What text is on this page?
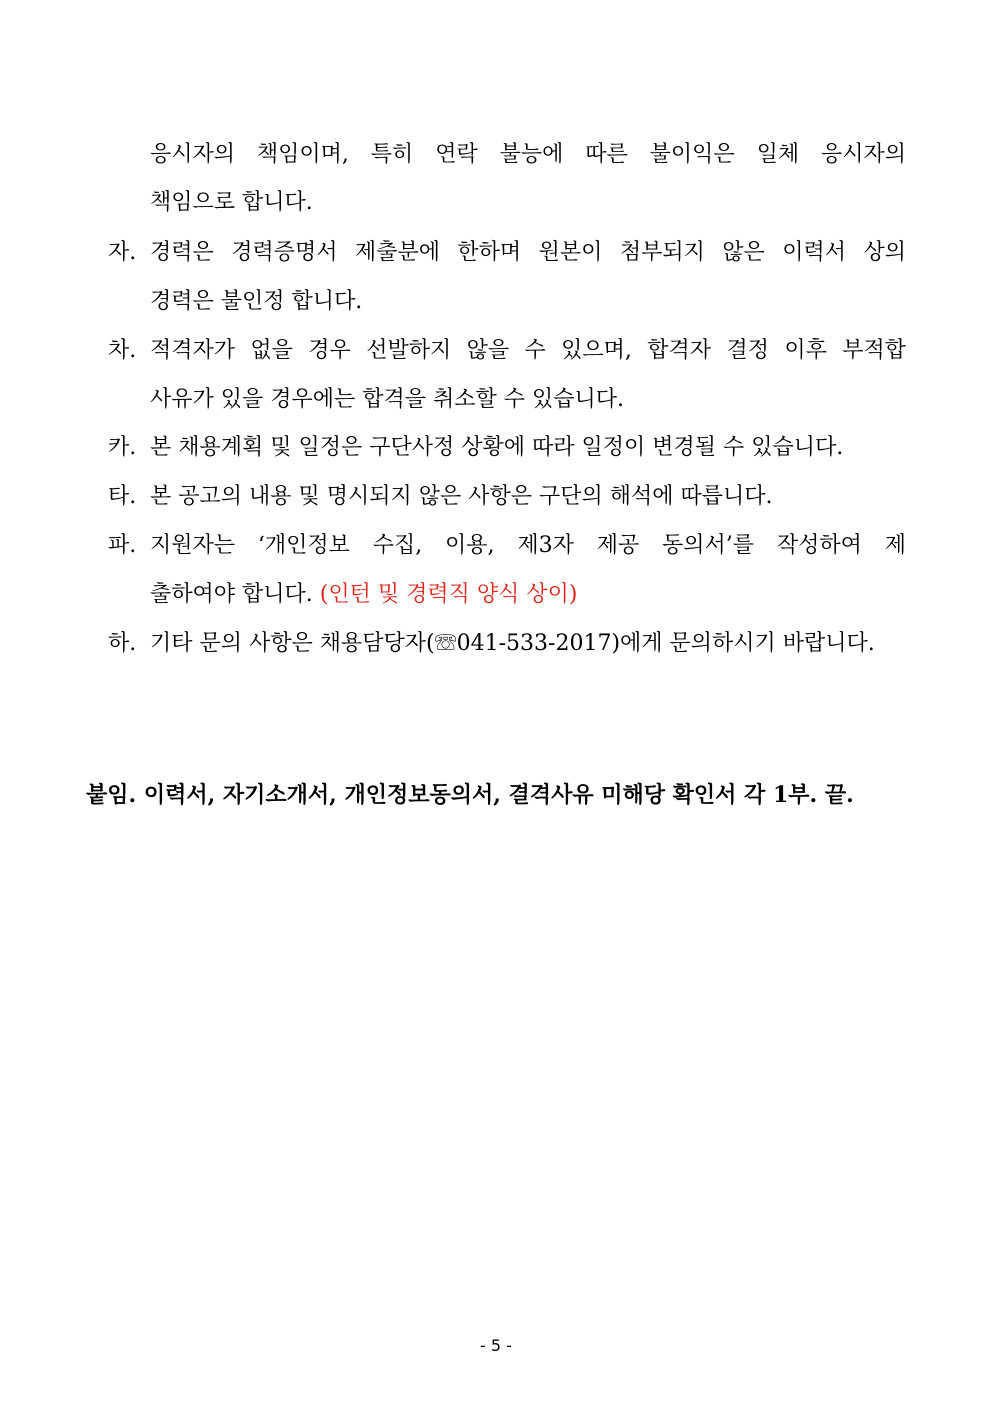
응시자의 책임이며, 특히 연락 불능에 따른 불이익은 일체 응시자의
책임으로 합니다.
자. 경력은 경력증명서 제출분에 한하며 원본이 첨부되지 않은 이력서 상의
경력은 불인정 합니다.
차. 적격자가 없을 경우 선발하지 않을 수 있으며, 합격자 결정 이후 부적합
사유가 있을 경우에는 합격을 취소할 수 있습니다.
카. 본 채용계획 및 일정은 구단사정 상황에 따라 일정이 변경될 수 있습니다.
타. 본 공고의 내용 및 명시되지 않은 사항은 구단의 해석에 따릅니다.
파. 지원자는 ‘개인정보 수집, 이용, 제3자 제공 동의서’를 작성하여 제
출하여야 합니다. (인턴 및 경력직 양식 상이)
하. 기타 문의 사항은 채용담당자(☏041-533-2017)에게 문의하시기 바랍니다.
붙임. 이력서, 자기소개서, 개인정보동의서, 결격사유 미해당 확인서 각 1부. 끝.
- 5 -
